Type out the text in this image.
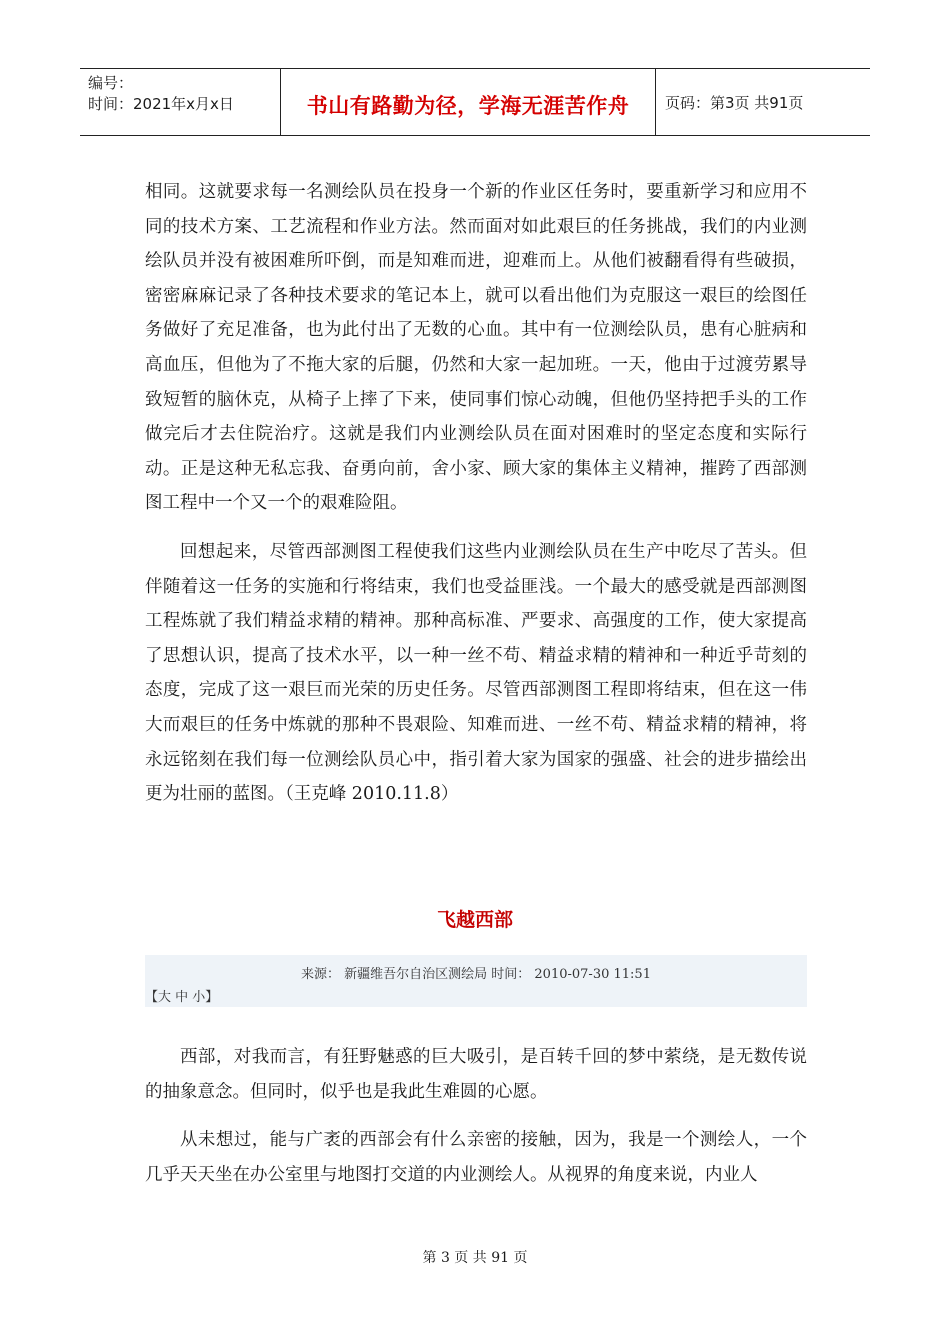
编号：
时间：2021年x月x日	书山有路勤为径，学海无涯苦作舟 页码：第3页 共91页

相同。这就要求每一名测绘队员在投身一个新的作业区任务时，要重新学习和应用不同的技术方案、工艺流程和作业方法。然而面对如此艰巨的任务挑战，我们的内业测绘队员并没有被困难所吓倒，而是知难而进，迎难而上。从他们被翻看得有些破损，密密麻麻记录了各种技术要求的笔记本上，就可以看出他们为克服这一艰巨的绘图任务做好了充足准备，也为此付出了无数的心血。其中有一位测绘队员，患有心脏病和高血压，但他为了不拖大家的后腿，仍然和大家一起加班。一天，他由于过渡劳累导致短暂的脑休克，从椅子上摔了下来，使同事们惊心动魄，但他仍坚持把手头的工作做完后才去住院治疗。这就是我们内业测绘队员在面对困难时的坚定态度和实际行动。正是这种无私忘我、奋勇向前，舍小家、顾大家的集体主义精神，摧跨了西部测图工程中一个又一个的艰难险阻。

回想起来，尽管西部测图工程使我们这些内业测绘队员在生产中吃尽了苦头。但伴随着这一任务的实施和行将结束，我们也受益匪浅。一个最大的感受就是西部测图工程炼就了我们精益求精的精神。那种高标准、严要求、高强度的工作，使大家提高了思想认识，提高了技术水平，以一种一丝不苟、精益求精的精神和一种近乎苛刻的态度，完成了这一艰巨而光荣的历史任务。尽管西部测图工程即将结束，但在这一伟大而艰巨的任务中炼就的那种不畏艰险、知难而进、一丝不苟、精益求精的精神，将永远铭刻在我们每一位测绘队员心中，指引着大家为国家的强盛、社会的进步描绘出更为壮丽的蓝图。（王克峰 2010.11.8）

飞越西部
来源： 新疆维吾尔自治区测绘局 时间： 2010-07-30 11:51
【大 中 小】

西部，对我而言，有狂野魅惑的巨大吸引，是百转千回的梦中萦绕，是无数传说的抽象意念。但同时，似乎也是我此生难圆的心愿。

从未想过，能与广袤的西部会有什么亲密的接触，因为，我是一个测绘人，一个几乎天天坐在办公室里与地图打交道的内业测绘人。从视界的角度来说，内业人

第 3 页 共 91 页
